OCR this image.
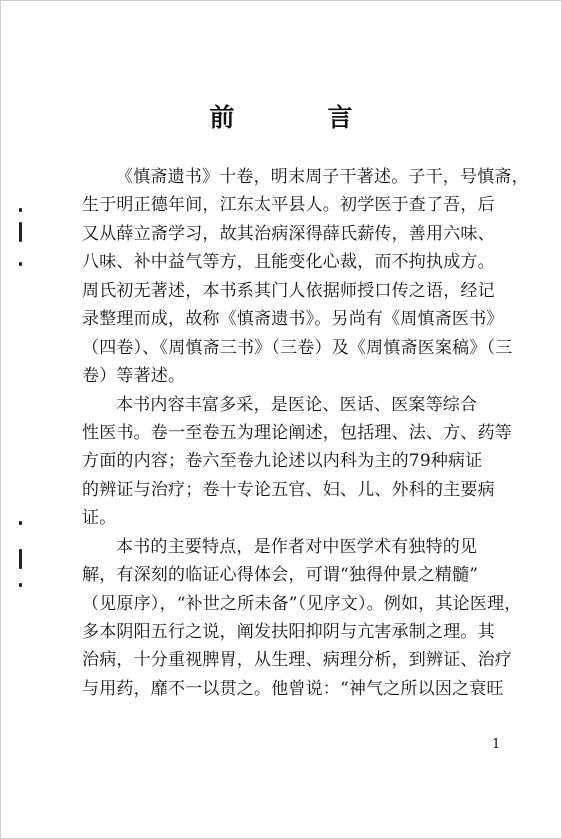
前　言
《慎斋遗书》十卷，明末周子干著述。子干，号慎斋，
生于明正德年间，江东太平县人。初学医于查了吾，后
又从薛立斋学习，故其治病深得薛氏薪传，善用六味、
八味、补中益气等方，且能变化心裁，而不拘执成方。
周氏初无著述，本书系其门人依据师授口传之语，经记
录整理而成，故称《慎斋遗书》。另尚有《周慎斋医书》
（四卷）、《周慎斋三书》（三卷）及《周慎斋医案稿》（三
卷）等著述。
本书内容丰富多采，是医论、医话、医案等综合
性医书。卷一至卷五为理论阐述，包括理、法、方、药等
方面的内容；卷六至卷九论述以内科为主的79种病证
的辨证与治疗；卷十专论五官、妇、儿、外科的主要病
证。
本书的主要特点，是作者对中医学术有独特的见
解，有深刻的临证心得体会，可谓“独得仲景之精髓”
（见原序），“补世之所未备”（见序文）。例如，其论医理，
多本阴阳五行之说，阐发扶阳抑阴与亢害承制之理。其
治病，十分重视脾胃，从生理、病理分析，到辨证、治疗
与用药，靡不一以贯之。他曾说：“神气之所以因之衰旺
1
